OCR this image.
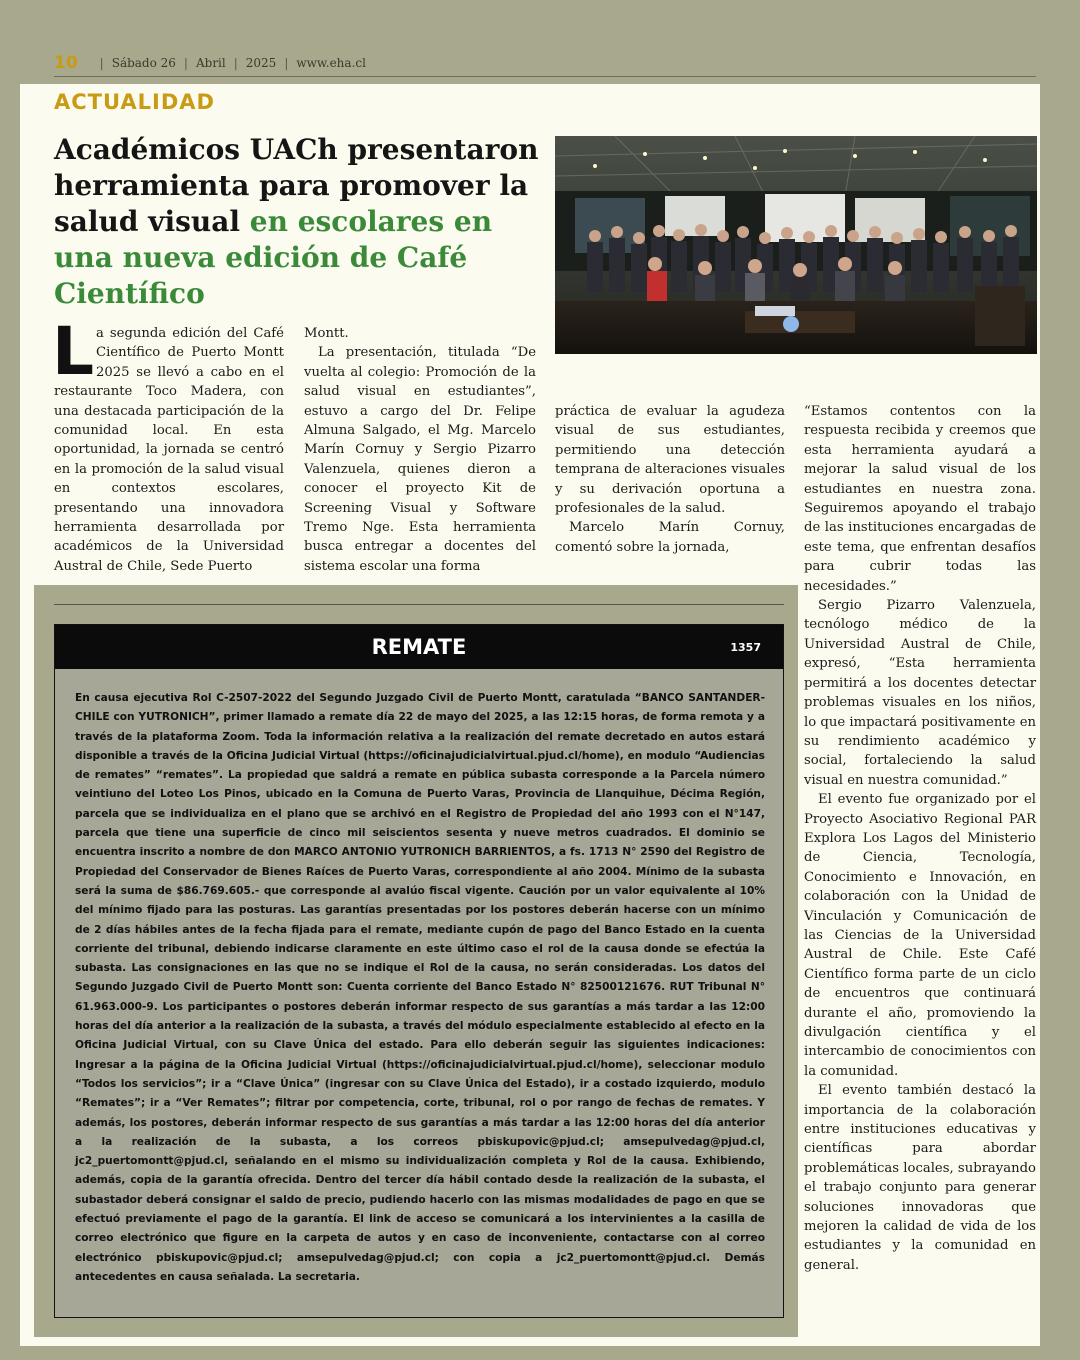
10 | Sábado 26 | Abril | 2025 | www.eha.cl
ACTUALIDAD
Académicos UACh presentaron herramienta para promover la salud visual en escolares en una nueva edición de Café Científico

La segunda edición del Café Científico de Puerto Montt 2025 se llevó a cabo en el restaurante Toco Madera, con una destacada participación de la comunidad local. En esta oportunidad, la jornada se centró en la promoción de la salud visual en contextos escolares, presentando una innovadora herramienta desarrollada por académicos de la Universidad Austral de Chile, Sede Puerto

Montt.

La presentación, titulada “De vuelta al colegio: Promoción de la salud visual en estudiantes”, estuvo a cargo del Dr. Felipe Almuna Salgado, el Mg. Marcelo Marín Cornuy y Sergio Pizarro Valenzuela, quienes dieron a conocer el proyecto Kit de Screening Visual y Software Tremo Nge. Esta herramienta busca entregar a docentes del sistema escolar una forma

práctica de evaluar la agudeza visual de sus estudiantes, permitiendo una detección temprana de alteraciones visuales y su derivación oportuna a profesionales de la salud.

Marcelo Marín Cornuy, comentó sobre la jornada,

“Estamos contentos con la respuesta recibida y creemos que esta herramienta ayudará a mejorar la salud visual de los estudiantes en nuestra zona. Seguiremos apoyando el trabajo de las instituciones encargadas de este tema, que enfrentan desafíos para cubrir todas las necesidades.”

Sergio Pizarro Valenzuela, tecnólogo médico de la Universidad Austral de Chile, expresó, “Esta herramienta permitirá a los docentes detectar problemas visuales en los niños, lo que impactará positivamente en su rendimiento académico y social, fortaleciendo la salud visual en nuestra comunidad.”

El evento fue organizado por el Proyecto Asociativo Regional PAR Explora Los Lagos del Ministerio de Ciencia, Tecnología, Conocimiento e Innovación, en colaboración con la Unidad de Vinculación y Comunicación de las Ciencias de la Universidad Austral de Chile. Este Café Científico forma parte de un ciclo de encuentros que continuará durante el año, promoviendo la divulgación científica y el intercambio de conocimientos con la comunidad.

El evento también destacó la importancia de la colaboración entre instituciones educativas y científicas para abordar problemáticas locales, subrayando el trabajo conjunto para generar soluciones innovadoras que mejoren la calidad de vida de los estudiantes y la comunidad en general.

REMATE	1357

En causa ejecutiva Rol C-2507-2022 del Segundo Juzgado Civil de Puerto Montt, caratulada “BANCO SANTANDER-CHILE con YUTRONICH”, primer llamado a remate día 22 de mayo del 2025, a las 12:15 horas, de forma remota y a través de la plataforma Zoom. Toda la información relativa a la realización del remate decretado en autos estará disponible a través de la Oficina Judicial Virtual (https://oficinajudicialvirtual.pjud.cl/home), en modulo “Audiencias de remates” “remates”. La propiedad que saldrá a remate en pública subasta corresponde a la Parcela número veintiuno del Loteo Los Pinos, ubicado en la Comuna de Puerto Varas, Provincia de Llanquihue, Décima Región, parcela que se individualiza en el plano que se archivó en el Registro de Propiedad del año 1993 con el N°147, parcela que tiene una superficie de cinco mil seiscientos sesenta y nueve metros cuadrados. El dominio se encuentra inscrito a nombre de don MARCO ANTONIO YUTRONICH BARRIENTOS, a fs. 1713 N° 2590 del Registro de Propiedad del Conservador de Bienes Raíces de Puerto Varas, correspondiente al año 2004. Mínimo de la subasta será la suma de $86.769.605.- que corresponde al avalúo fiscal vigente. Caución por un valor equivalente al 10% del mínimo fijado para las posturas. Las garantías presentadas por los postores deberán hacerse con un mínimo de 2 días hábiles antes de la fecha fijada para el remate, mediante cupón de pago del Banco Estado en la cuenta corriente del tribunal, debiendo indicarse claramente en este último caso el rol de la causa donde se efectúa la subasta. Las consignaciones en las que no se indique el Rol de la causa, no serán consideradas. Los datos del Segundo Juzgado Civil de Puerto Montt son: Cuenta corriente del Banco Estado N° 82500121676. RUT Tribunal N° 61.963.000-9. Los participantes o postores deberán informar respecto de sus garantías a más tardar a las 12:00 horas del día anterior a la realización de la subasta, a través del módulo especialmente establecido al efecto en la Oficina Judicial Virtual, con su Clave Única del estado. Para ello deberán seguir las siguientes indicaciones: Ingresar a la página de la Oficina Judicial Virtual (https://oficinajudicialvirtual.pjud.cl/home), seleccionar modulo “Todos los servicios”; ir a “Clave Única” (ingresar con su Clave Única del Estado), ir a costado izquierdo, modulo “Remates”; ir a “Ver Remates”; filtrar por competencia, corte, tribunal, rol o por rango de fechas de remates. Y además, los postores, deberán informar respecto de sus garantías a más tardar a las 12:00 horas del día anterior a la realización de la subasta, a los correos pbiskupovic@pjud.cl; amsepulvedag@pjud.cl, jc2_puertomontt@pjud.cl, señalando en el mismo su individualización completa y Rol de la causa. Exhibiendo, además, copia de la garantía ofrecida. Dentro del tercer día hábil contado desde la realización de la subasta, el subastador deberá consignar el saldo de precio, pudiendo hacerlo con las mismas modalidades de pago en que se efectuó previamente el pago de la garantía. El link de acceso se comunicará a los intervinientes a la casilla de correo electrónico que figure en la carpeta de autos y en caso de inconveniente, contactarse con al correo electrónico pbiskupovic@pjud.cl; amsepulvedag@pjud.cl; con copia a jc2_puertomontt@pjud.cl. Demás antecedentes en causa señalada. La secretaria.
